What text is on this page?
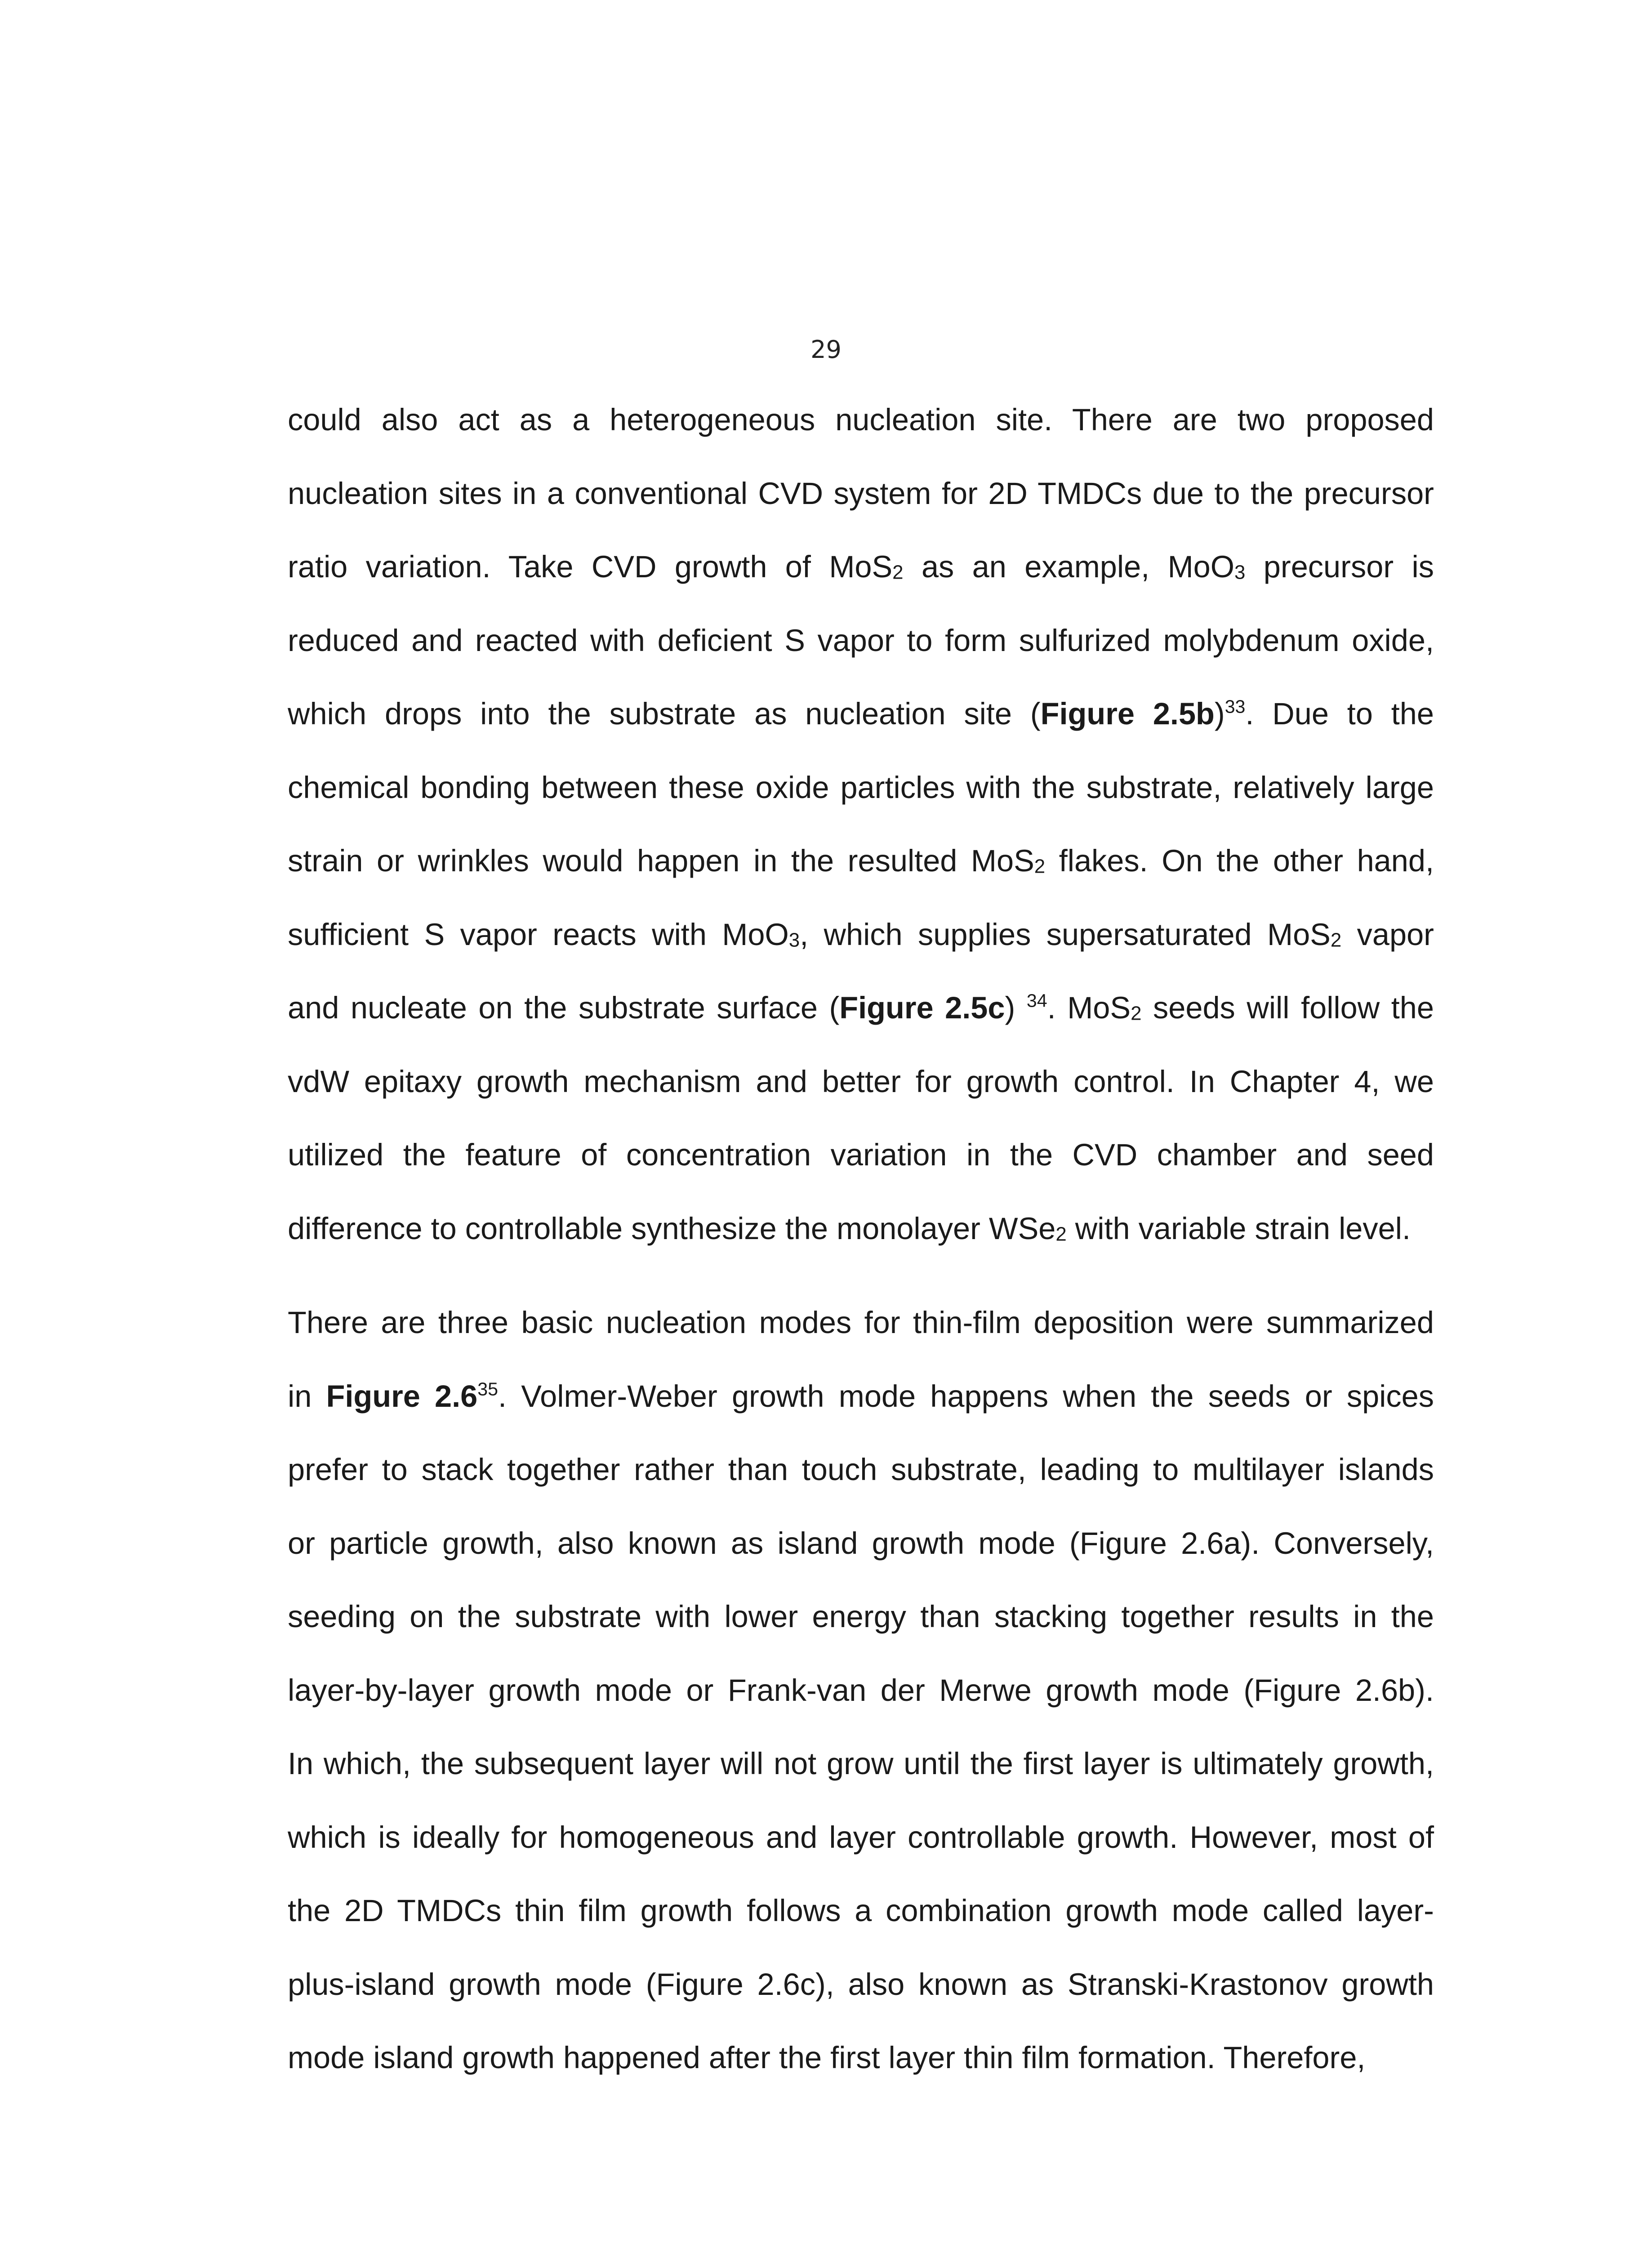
29
could also act as a heterogeneous nucleation site. There are two proposed
nucleation sites in a conventional CVD system for 2D TMDCs due to the precursor
ratio variation. Take CVD growth of MoS$_2$ as an example, MoO$_3$ precursor is
reduced and reacted with deficient S vapor to form sulfurized molybdenum oxide,
which drops into the substrate as nucleation site (Figure 2.5b)$^{33}$. Due to the
chemical bonding between these oxide particles with the substrate, relatively large
strain or wrinkles would happen in the resulted MoS$_2$ flakes. On the other hand,
sufficient S vapor reacts with MoO$_3$, which supplies supersaturated MoS$_2$ vapor
and nucleate on the substrate surface (Figure 2.5c) $^{34}$. MoS$_2$ seeds will follow the
vdW epitaxy growth mechanism and better for growth control. In Chapter 4, we
utilized the feature of concentration variation in the CVD chamber and seed
difference to controllable synthesize the monolayer WSe$_2$ with variable strain level.
There are three basic nucleation modes for thin-film deposition were summarized
in Figure $2.6^{35}$. Volmer-Weber growth mode happens when the seeds or spices
prefer to stack together rather than touch substrate, leading to multilayer islands
or particle growth, also known as island growth mode (Figure 2.6a). Conversely,
seeding on the substrate with lower energy than stacking together results in the
layer-by-layer growth mode or Frank-van der Merwe growth mode (Figure 2.6b).
In which, the subsequent layer will not grow until the first layer is ultimately growth,
which is ideally for homogeneous and layer controllable growth. However, most of
the 2D TMDCs thin film growth follows a combination growth mode called layer-
plus-island growth mode (Figure 2.6c), also known as Stranski-Krastonov growth
mode island growth happened after the first layer thin film formation. Therefore,
